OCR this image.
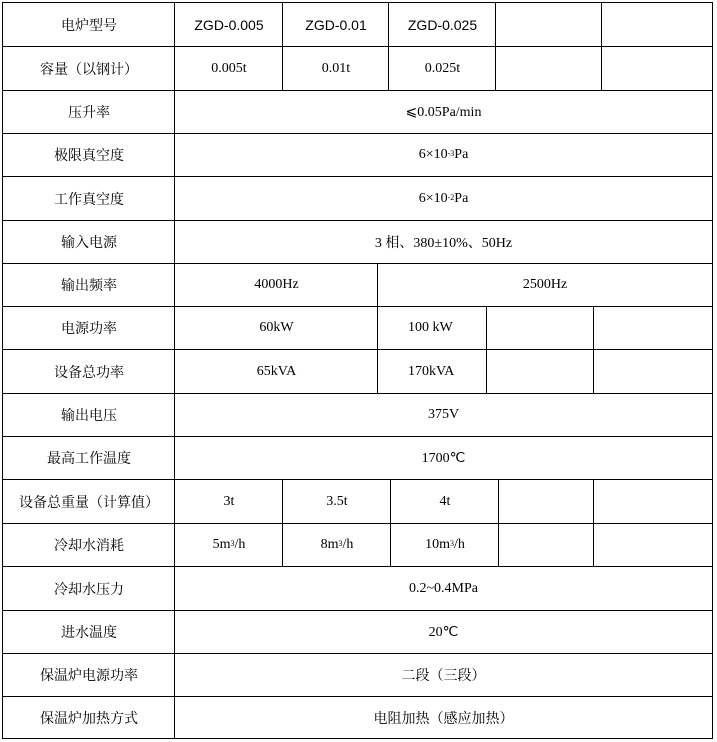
电炉型号	ZGD-0.005	ZGD-0.01	ZGD-0.025
容量（以钢计）	0.005t	0.01t	0.025t
压升率	⩽0.05Pa/min
极限真空度	$6\times 10^{-3}$ Pa
工作真空度	$6\times 10^{-2}$ Pa
输入电源	3 相、380±10%、50Hz
输出频率	4000Hz	2500Hz
电源功率	60kW	100 kW
设备总功率	65kVA	170kVA
输出电压	375V
最高工作温度	1700℃
设备总重量（计算值）	3t	3.5t	4t
冷却水消耗	$5m^3$ /h	$8m^3$ /h	$10m^3$ /h
冷却水压力	0.2~0.4MPa
进水温度	20℃
保温炉电源功率	二段（三段）
保温炉加热方式	电阻加热（感应加热）
